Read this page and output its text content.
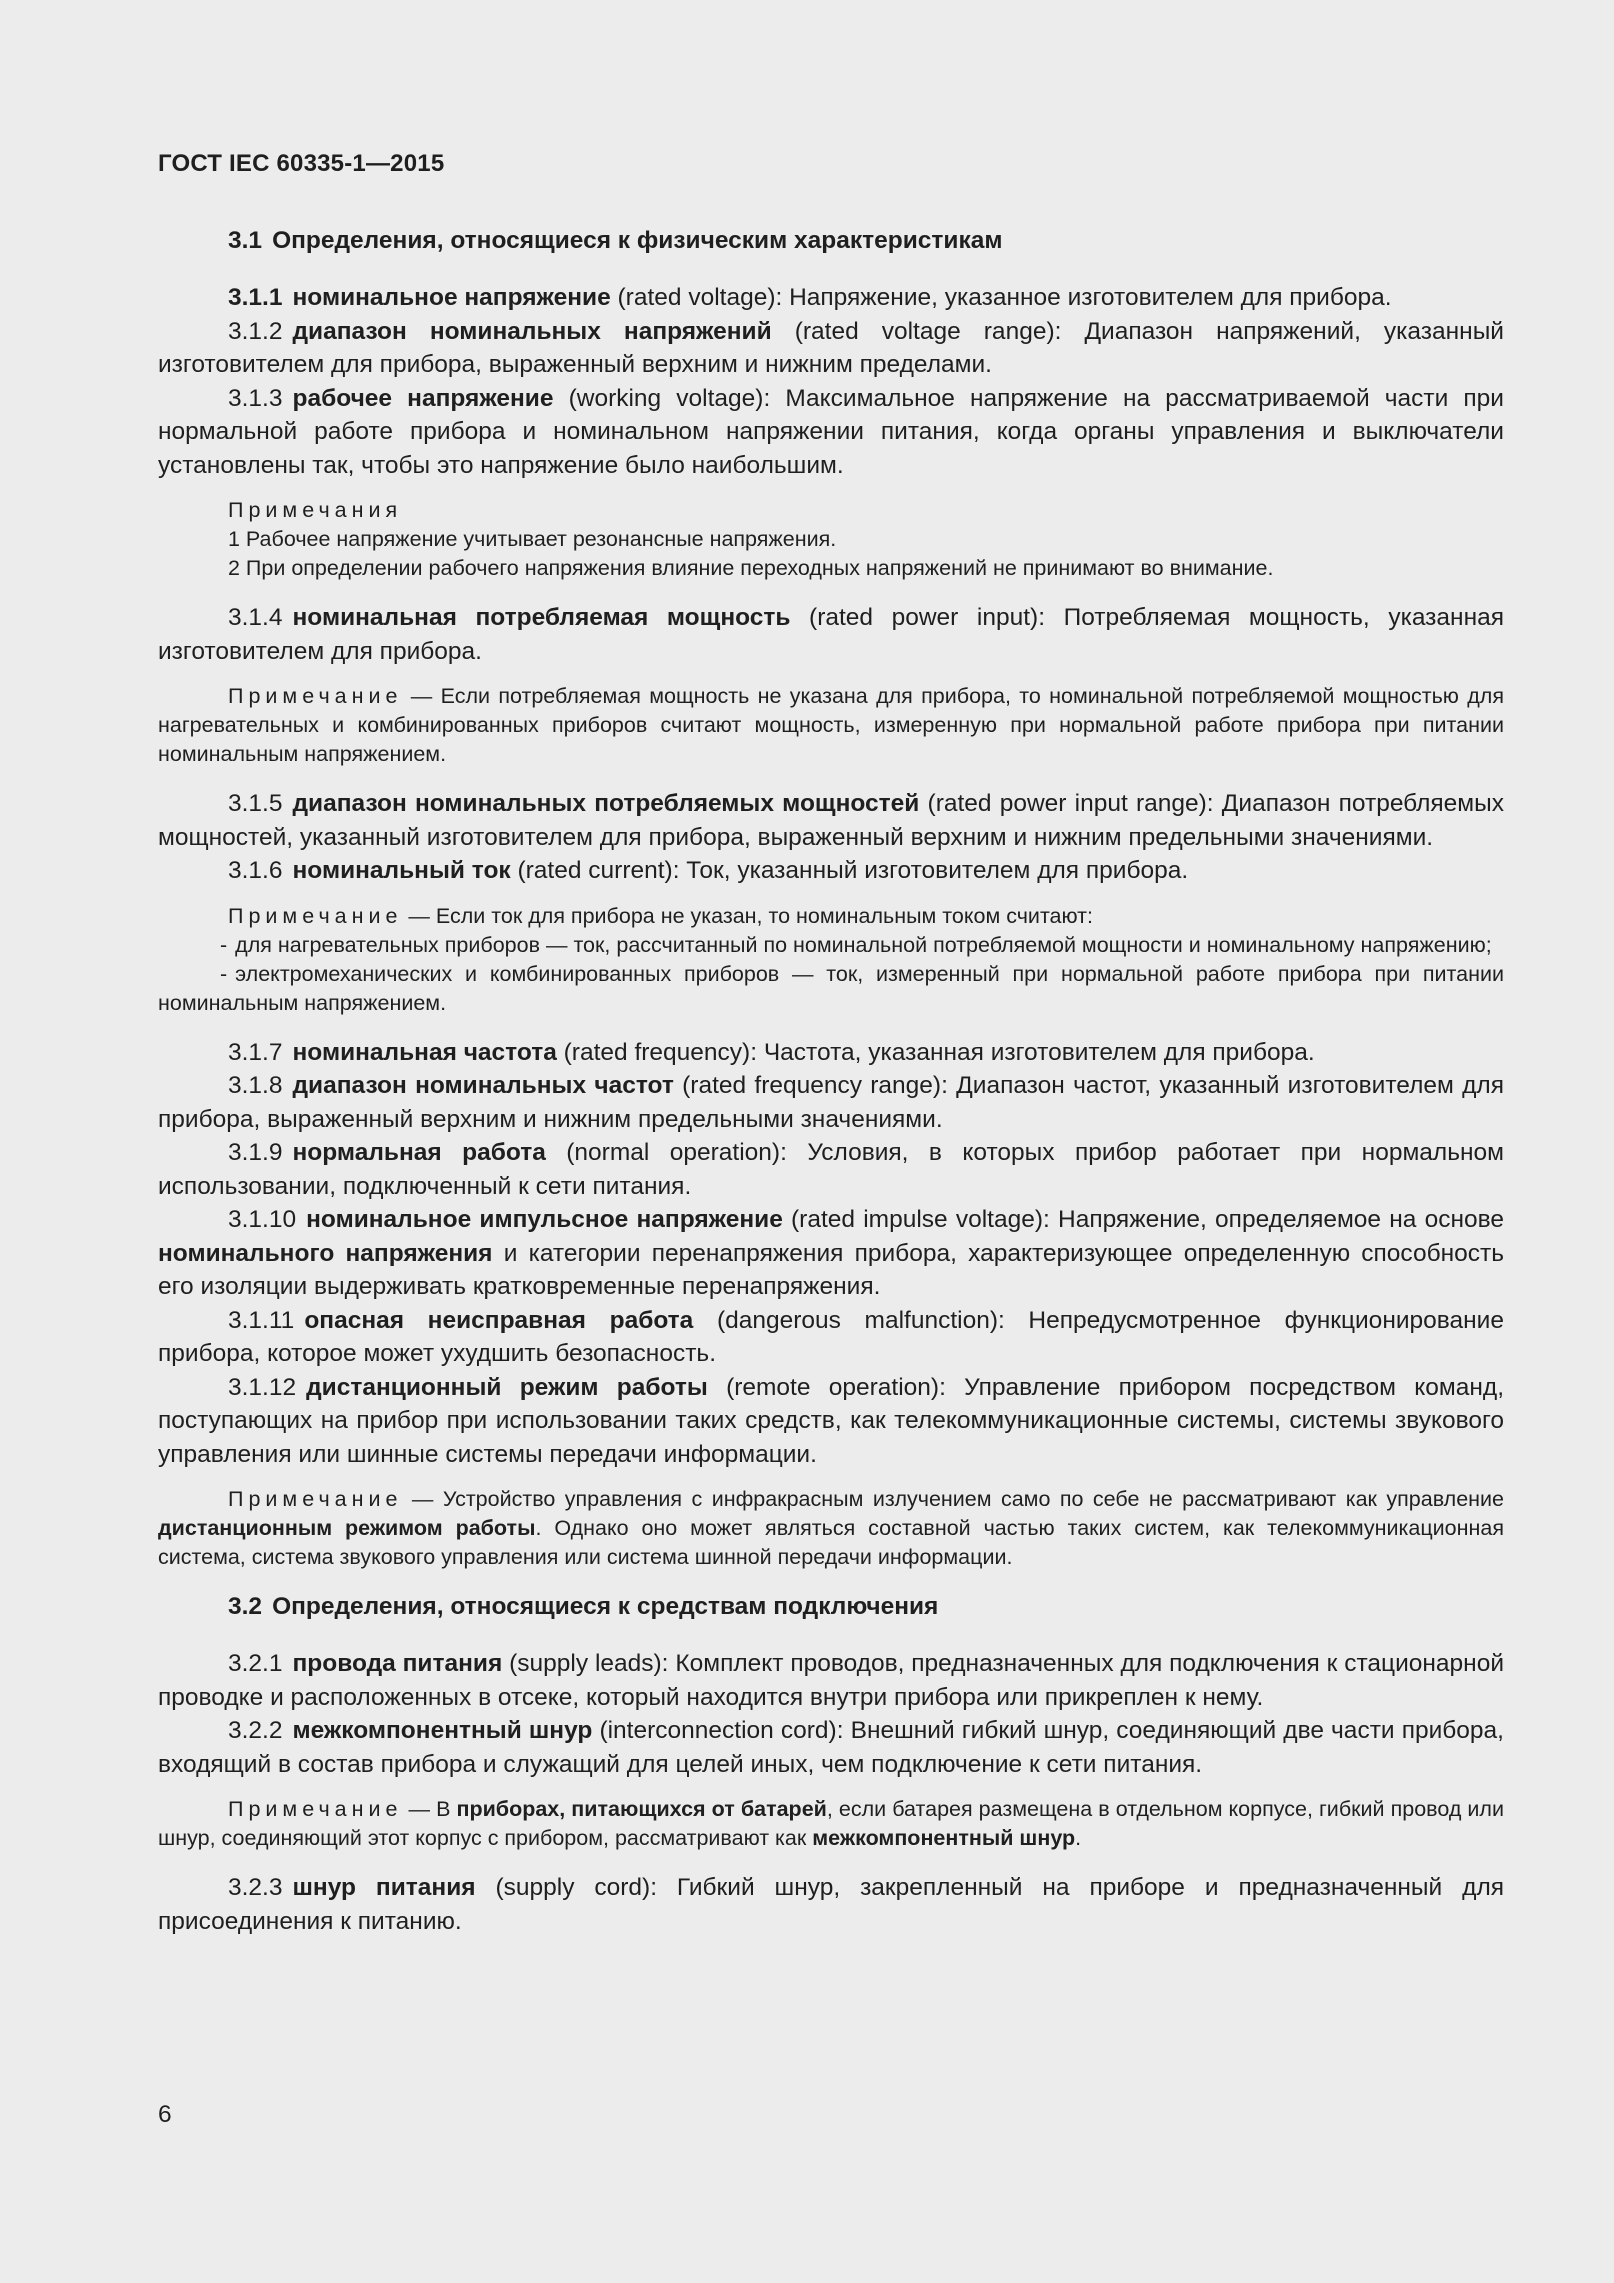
ГОСТ IEC 60335-1—2015
3.1 Определения, относящиеся к физическим характеристикам

3.1.1 номинальное напряжение (rated voltage): Напряжение, указанное изготовителем для прибора.

3.1.2 диапазон номинальных напряжений (rated voltage range): Диапазон напряжений, указанный изготовителем для прибора, выраженный верхним и нижним пределами.

3.1.3 рабочее напряжение (working voltage): Максимальное напряжение на рассматриваемой части при нормальной работе прибора и номинальном напряжении питания, когда органы управления и выключатели установлены так, чтобы это напряжение было наибольшим.

Примечания

1 Рабочее напряжение учитывает резонансные напряжения.

2 При определении рабочего напряжения влияние переходных напряжений не принимают во внимание.

3.1.4 номинальная потребляемая мощность (rated power input): Потребляемая мощность, указанная изготовителем для прибора.

Примечание — Если потребляемая мощность не указана для прибора, то номинальной потребляемой мощностью для нагревательных и комбинированных приборов считают мощность, измеренную при нормальной работе прибора при питании номинальным напряжением.

3.1.5 диапазон номинальных потребляемых мощностей (rated power input range): Диапазон потребляемых мощностей, указанный изготовителем для прибора, выраженный верхним и нижним предельными значениями.

3.1.6 номинальный ток (rated current): Ток, указанный изготовителем для прибора.

Примечание — Если ток для прибора не указан, то номинальным током считают:

- для нагревательных приборов — ток, рассчитанный по номинальной потребляемой мощности и номинальному напряжению;

- электромеханических и комбинированных приборов — ток, измеренный при нормальной работе прибора при питании номинальным напряжением.

3.1.7 номинальная частота (rated frequency): Частота, указанная изготовителем для прибора.

3.1.8 диапазон номинальных частот (rated frequency range): Диапазон частот, указанный изготовителем для прибора, выраженный верхним и нижним предельными значениями.

3.1.9 нормальная работа (normal operation): Условия, в которых прибор работает при нормальном использовании, подключенный к сети питания.

3.1.10 номинальное импульсное напряжение (rated impulse voltage): Напряжение, определяемое на основе номинального напряжения и категории перенапряжения прибора, характеризующее определенную способность его изоляции выдерживать кратковременные перенапряжения.

3.1.11 опасная неисправная работа (dangerous malfunction): Непредусмотренное функционирование прибора, которое может ухудшить безопасность.

3.1.12 дистанционный режим работы (remote operation): Управление прибором посредством команд, поступающих на прибор при использовании таких средств, как телекоммуникационные системы, системы звукового управления или шинные системы передачи информации.

Примечание — Устройство управления с инфракрасным излучением само по себе не рассматривают как управление дистанционным режимом работы. Однако оно может являться составной частью таких систем, как телекоммуникационная система, система звукового управления или система шинной передачи информации.

3.2 Определения, относящиеся к средствам подключения

3.2.1 провода питания (supply leads): Комплект проводов, предназначенных для подключения к стационарной проводке и расположенных в отсеке, который находится внутри прибора или прикреплен к нему.

3.2.2 межкомпонентный шнур (interconnection cord): Внешний гибкий шнур, соединяющий две части прибора, входящий в состав прибора и служащий для целей иных, чем подключение к сети питания.

Примечание — В приборах, питающихся от батарей, если батарея размещена в отдельном корпусе, гибкий провод или шнур, соединяющий этот корпус с прибором, рассматривают как межкомпонентный шнур.

3.2.3 шнур питания (supply cord): Гибкий шнур, закрепленный на приборе и предназначенный для присоединения к питанию.

6
